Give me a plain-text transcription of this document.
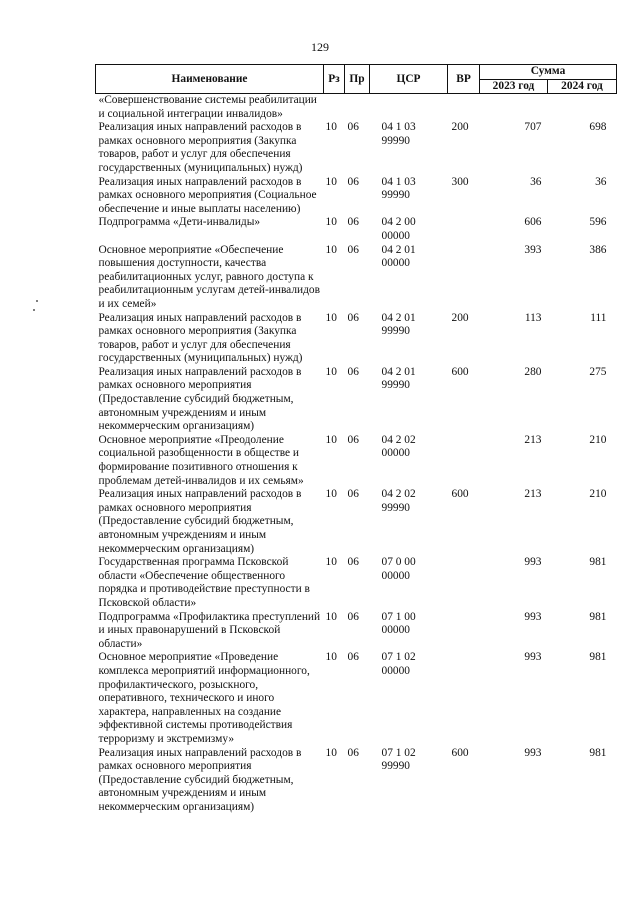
129
Наименование	Рз	Пр	ЦСР	ВР	Сумма	
					2023 год	2024 год
«Совершенствование системы реабилитации и социальной интеграции инвалидов»						
Реализация иных направлений расходов в рамках основного мероприятия (Закупка товаров, работ и услуг для обеспечения государственных (муниципальных) нужд)	10	06	04 1 03 99990	200	707	698
Реализация иных направлений расходов в рамках основного мероприятия (Социальное обеспечение и иные выплаты населению)	10	06	04 1 03 99990	300	36	36
Подпрограмма «Дети-инвалиды»	10	06	04 2 00 00000		606	596
Основное мероприятие «Обеспечение повышения доступности, качества реабилитационных услуг, равного доступа к реабилитационным услугам детей-инвалидов и их семей»	10	06	04 2 01 00000		393	386
Реализация иных направлений расходов в рамках основного мероприятия (Закупка товаров, работ и услуг для обеспечения государственных (муниципальных) нужд)	10	06	04 2 01 99990	200	113	111
Реализация иных направлений расходов в рамках основного мероприятия (Предоставление субсидий бюджетным, автономным учреждениям и иным некоммерческим организациям)	10	06	04 2 01 99990	600	280	275
Основное мероприятие «Преодоление социальной разобщенности в обществе и формирование позитивного отношения к проблемам детей-инвалидов и их семьям»	10	06	04 2 02 00000		213	210
Реализация иных направлений расходов в рамках основного мероприятия (Предоставление субсидий бюджетным, автономным учреждениям и иным некоммерческим организациям)	10	06	04 2 02 99990	600	213	210
Государственная программа Псковской области «Обеспечение общественного порядка и противодействие преступности в Псковской области»	10	06	07 0 00 00000		993	981
Подпрограмма «Профилактика преступлений и иных правонарушений в Псковской области»	10	06	07 1 00 00000		993	981
Основное мероприятие «Проведение комплекса мероприятий информационного, профилактического, розыскного, оперативного, технического и иного характера, направленных на создание эффективной системы противодействия терроризму и экстремизму»	10	06	07 1 02 00000		993	981
Реализация иных направлений расходов в рамках основного мероприятия (Предоставление субсидий бюджетным, автономным учреждениям и иным некоммерческим организациям)	10	06	07 1 02 99990	600	993	981
